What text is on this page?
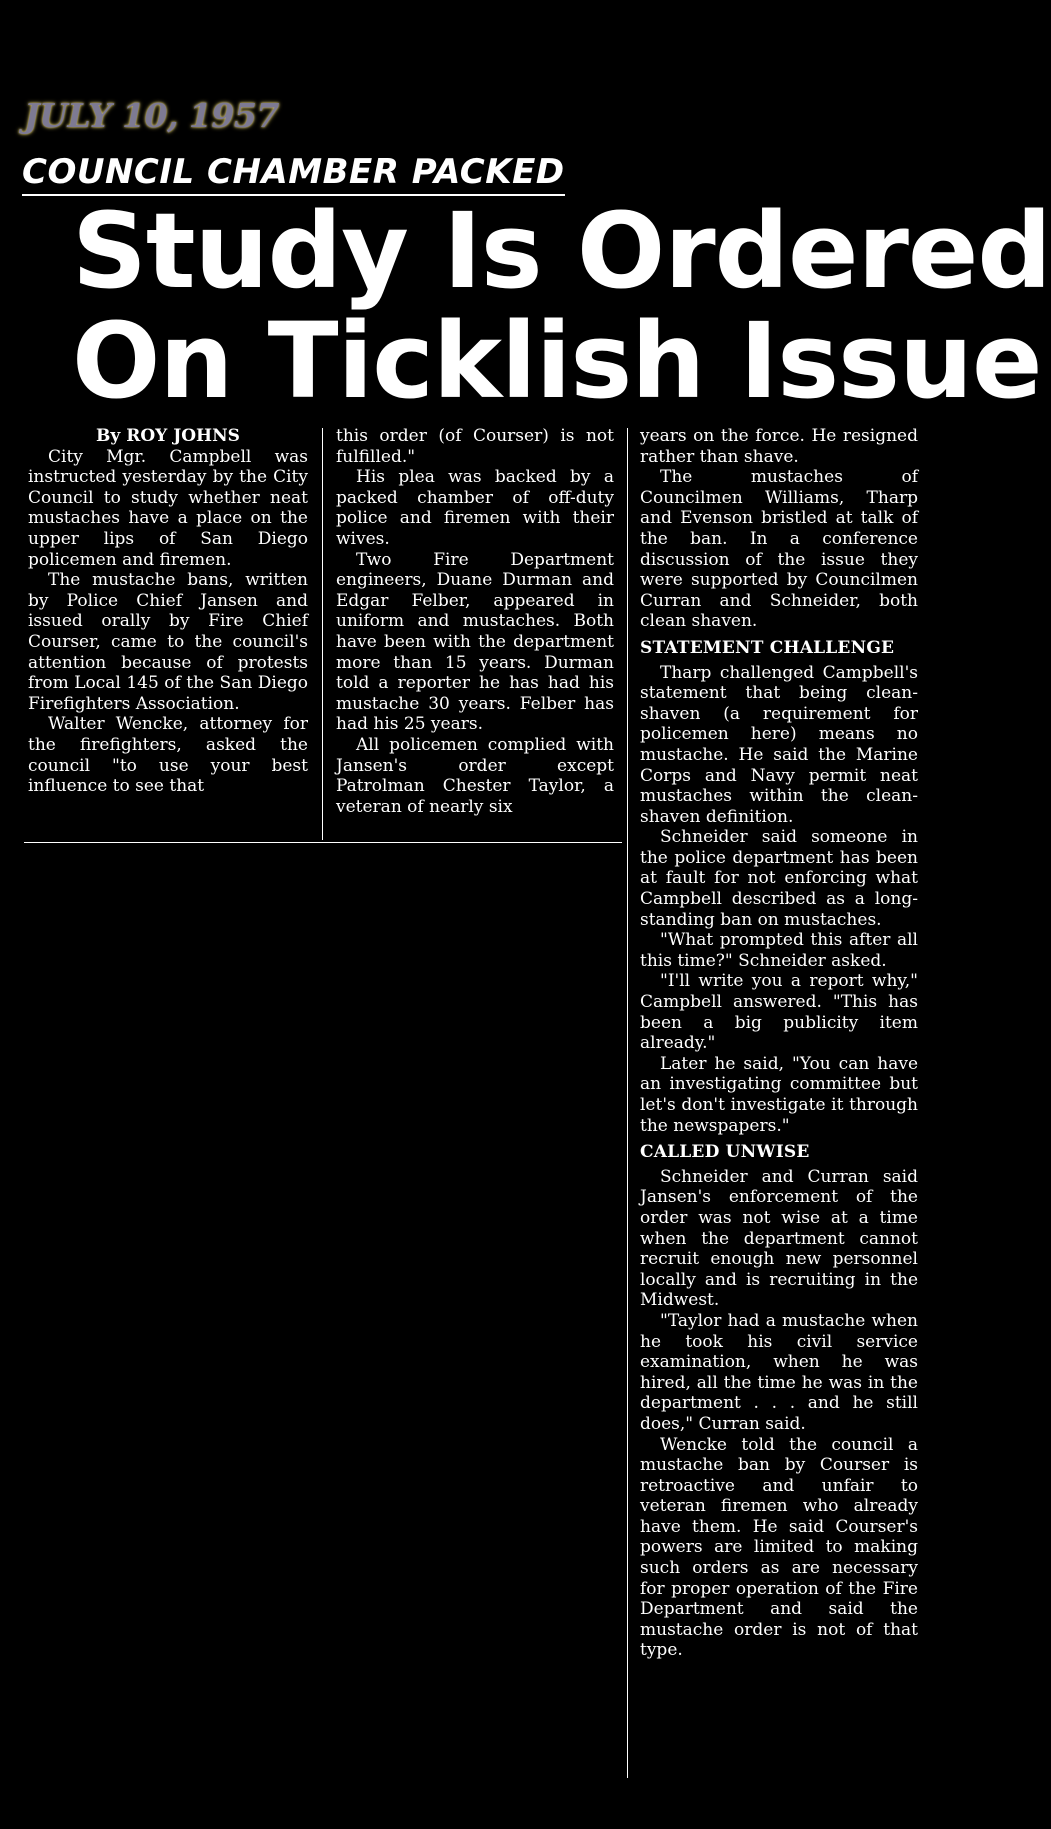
JULY 10, 1957
COUNCIL CHAMBER PACKED
Study Is Ordered
On Ticklish Issue

By ROY JOHNS

City Mgr. Campbell was instructed yesterday by the City Council to study whether neat mustaches have a place on the upper lips of San Diego policemen and firemen.

The mustache bans, written by Police Chief Jansen and issued orally by Fire Chief Courser, came to the council's attention because of protests from Local 145 of the San Diego Firefighters Association.

Walter Wencke, attorney for the firefighters, asked the council "to use your best influence to see that

this order (of Courser) is not fulfilled."

His plea was backed by a packed chamber of off-duty police and firemen with their wives.

Two Fire Department engineers, Duane Durman and Edgar Felber, appeared in uniform and mustaches. Both have been with the department more than 15 years. Durman told a reporter he has had his mustache 30 years. Felber has had his 25 years.

All policemen complied with Jansen's order except Patrolman Chester Taylor, a veteran of nearly six

years on the force. He resigned rather than shave.

The mustaches of Councilmen Williams, Tharp and Evenson bristled at talk of the ban. In a conference discussion of the issue they were supported by Councilmen Curran and Schneider, both clean shaven.

STATEMENT CHALLENGE

Tharp challenged Campbell's statement that being clean-shaven (a requirement for policemen here) means no mustache. He said the Marine Corps and Navy permit neat mustaches within the clean-shaven definition.

Schneider said someone in the police department has been at fault for not enforcing what Campbell described as a long-standing ban on mustaches.

"What prompted this after all this time?" Schneider asked.

"I'll write you a report why," Campbell answered. "This has been a big publicity item already."

Later he said, "You can have an investigating committee but let's don't investigate it through the newspapers."

CALLED UNWISE

Schneider and Curran said Jansen's enforcement of the order was not wise at a time when the department cannot recruit enough new personnel locally and is recruiting in the Midwest.

"Taylor had a mustache when he took his civil service examination, when he was hired, all the time he was in the department . . . and he still does," Curran said.

Wencke told the council a mustache ban by Courser is retroactive and unfair to veteran firemen who already have them. He said Courser's powers are limited to making such orders as are necessary for proper operation of the Fire Department and said the mustache order is not of that type.
